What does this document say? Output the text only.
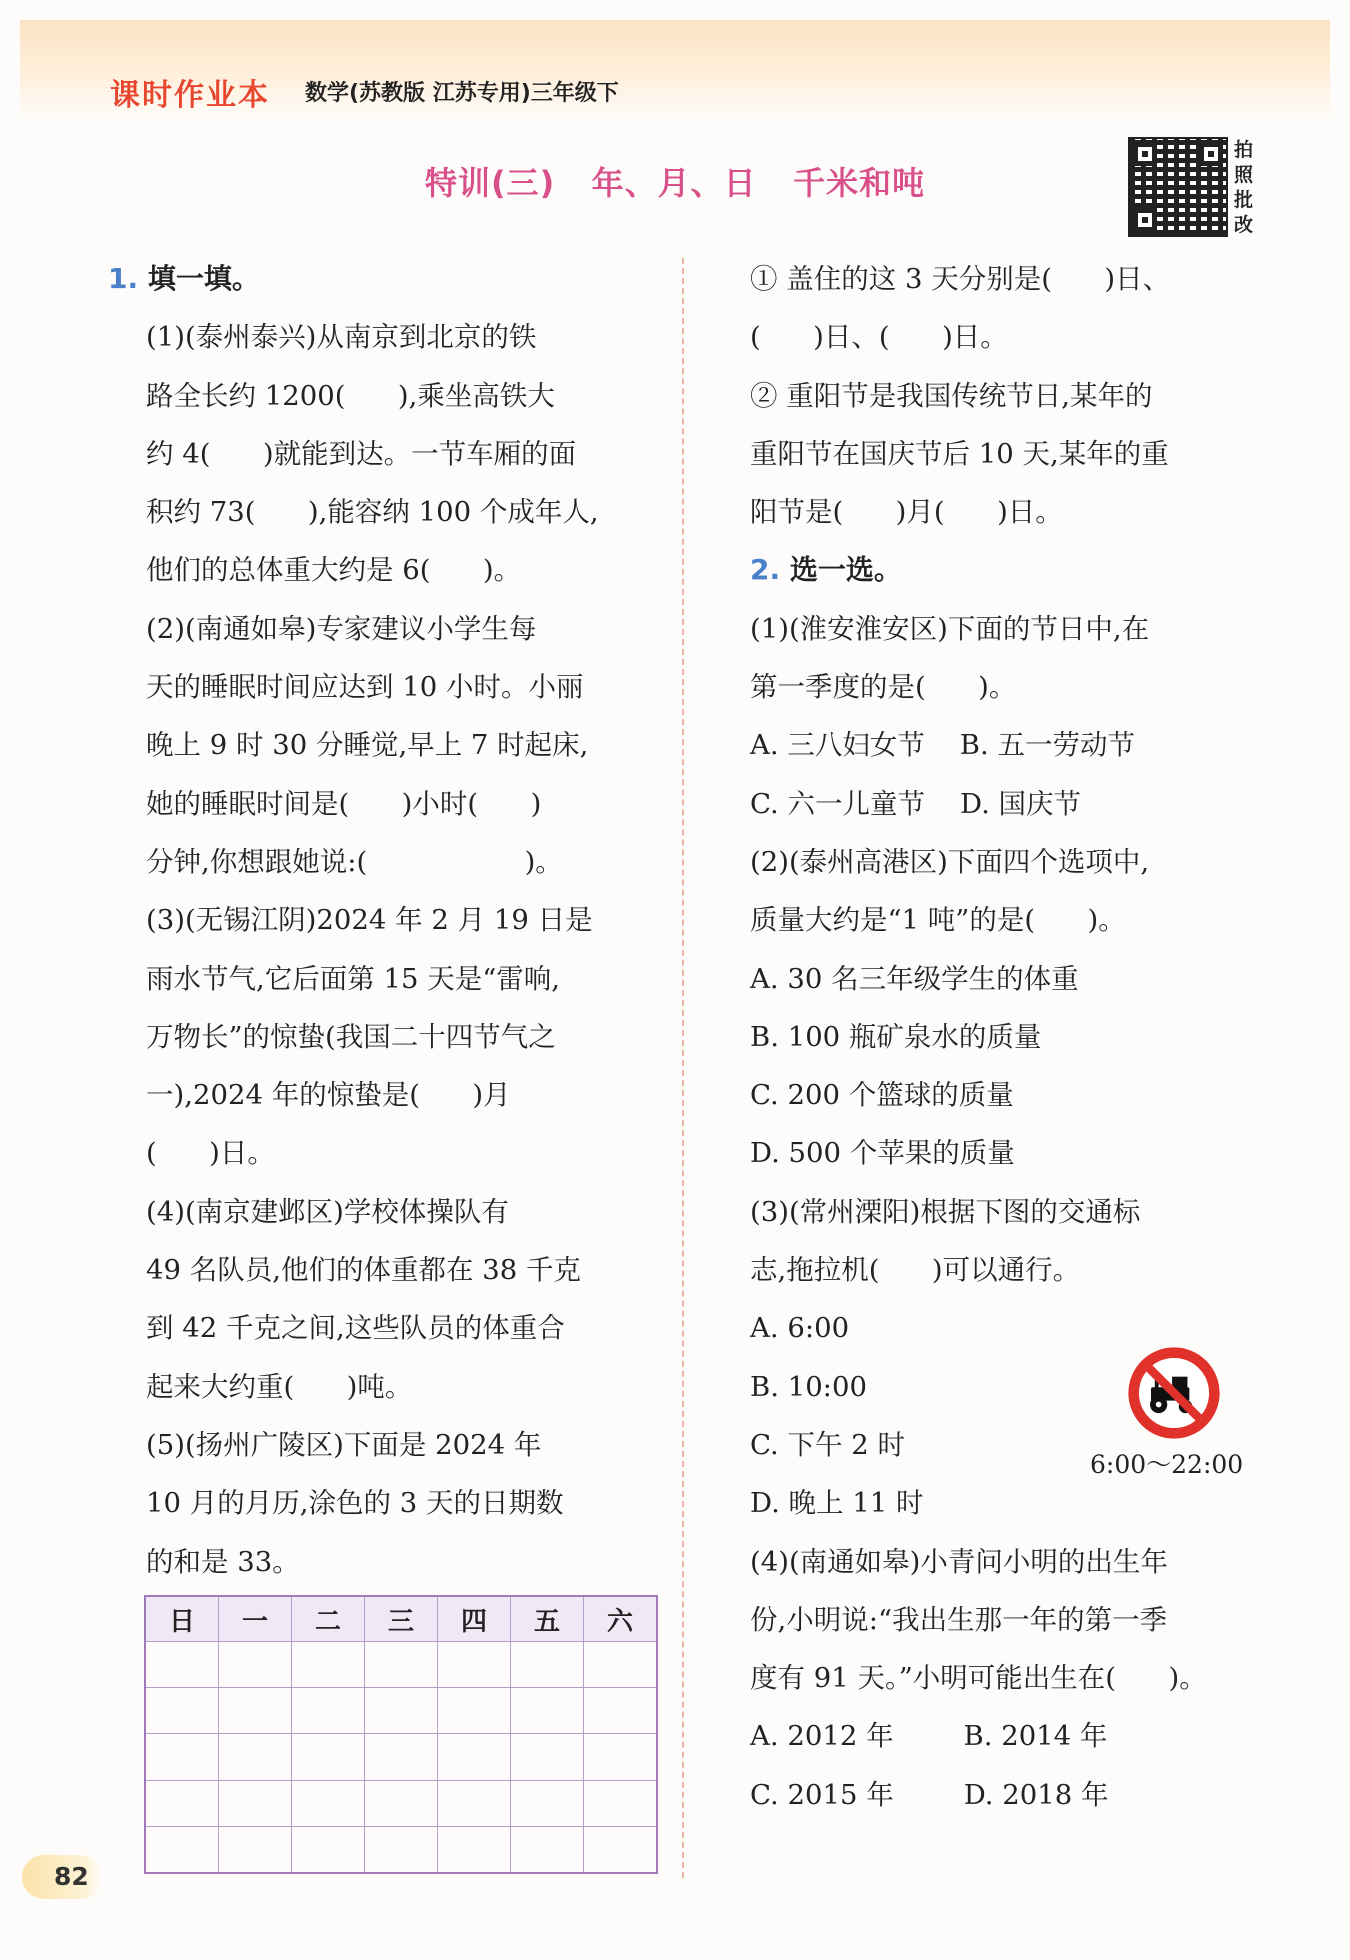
课时作业本 数学(苏教版 江苏专用)三年级下
特训(三)   年、月、日   千米和吨
拍
照
批
改
1. 填一填。
(1)(泰州泰兴)从南京到北京的铁
路全长约 1200(      ),乘坐高铁大
约 4(      )就能到达。一节车厢的面
积约 73(      ),能容纳 100 个成年人,
他们的总体重大约是 6(      )。
(2)(南通如皋)专家建议小学生每
天的睡眠时间应达到 10 小时。小丽
晚上 9 时 30 分睡觉,早上 7 时起床,
她的睡眠时间是(      )小时(      )
分钟,你想跟她说:(                  )。
(3)(无锡江阴)2024 年 2 月 19 日是
雨水节气,它后面第 15 天是“雷响,
万物长”的惊蛰(我国二十四节气之
一),2024 年的惊蛰是(      )月
(      )日。
(4)(南京建邺区)学校体操队有
49 名队员,他们的体重都在 38 千克
到 42 千克之间,这些队员的体重合
起来大约重(      )吨。
(5)(扬州广陵区)下面是 2024 年
10 月的月历,涂色的 3 天的日期数
的和是 33。
① 盖住的这 3 天分别是(      )日、
(      )日、(      )日。
② 重阳节是我国传统节日,某年的
重阳节在国庆节后 10 天,某年的重
阳节是(      )月(      )日。
2. 选一选。
(1)(淮安淮安区)下面的节日中,在
第一季度的是(      )。
A. 三八妇女节    B. 五一劳动节
C. 六一儿童节    D. 国庆节
(2)(泰州高港区)下面四个选项中,
质量大约是“1 吨”的是(      )。
A. 30 名三年级学生的体重
B. 100 瓶矿泉水的质量
C. 200 个篮球的质量
D. 500 个苹果的质量
(3)(常州溧阳)根据下图的交通标
志,拖拉机(      )可以通行。
A. 6:00
B. 10:00
C. 下午 2 时
D. 晚上 11 时
(4)(南通如皋)小青问小明的出生年
份,小明说:“我出生那一年的第一季
度有 91 天。”小明可能出生在(      )。
A. 2012 年        B. 2014 年
C. 2015 年        D. 2018 年
日	一	二	三	四	五	六

6:00～22:00
82
